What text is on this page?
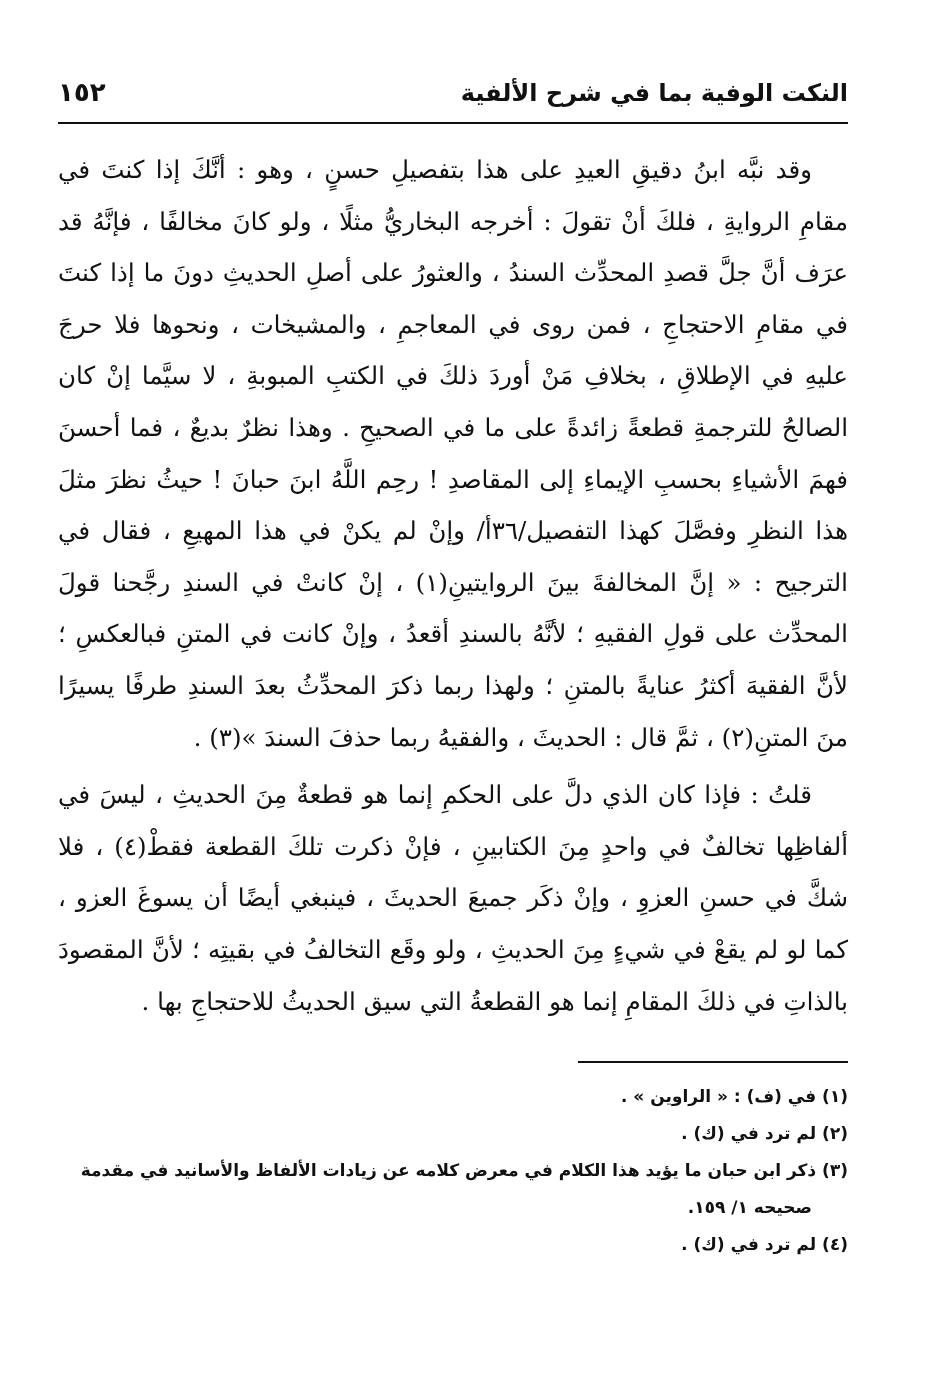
النكت الوفية بما في شرح الألفية
١٥٢

وقد نبَّه ابنُ دقيقِ العيدِ على هذا بتفصيلِ حسنٍ ، وهو : أنَّكَ إذا كنتَ في مقامِ الروايةِ ، فلكَ أنْ تقولَ : أخرجه البخاريُّ مثلًا ، ولو كانَ مخالفًا ، فإنَّهُ قد عرَف أنَّ جلَّ قصدِ المحدِّث السندُ ، والعثورُ على أصلِ الحديثِ دونَ ما إذا كنتَ في مقامِ الاحتجاجِ ، فمن روى في المعاجمِ ، والمشيخات ، ونحوها فلا حرجَ عليهِ في الإطلاقِ ، بخلافِ مَنْ أوردَ ذلكَ في الكتبِ المبوبةِ ، لا سيَّما إنْ كان الصالحُ للترجمةِ قطعةً زائدةً على ما في الصحيحِ . وهذا نظرٌ بديعٌ ، فما أحسنَ فهمَ الأشياءِ بحسبِ الإيماءِ إلى المقاصدِ ! رحِم اللَّهُ ابنَ حبانَ ! حيثُ نظرَ مثلَ هذا النظرِ وفصَّلَ كهذا التفصيل/٣٦أ/ وإنْ لم يكنْ في هذا المهيعِ ، فقال في الترجيح : « إنَّ المخالفةَ بينَ الروايتينِ(١) ، إنْ كانتْ في السندِ رجَّحنا قولَ المحدِّث على قولِ الفقيهِ ؛ لأنَّهُ بالسندِ أقعدُ ، وإنْ كانت في المتنِ فبالعكسِ ؛ لأنَّ الفقيهَ أكثرُ عنايةً بالمتنِ ؛ ولهذا ربما ذكرَ المحدِّثُ بعدَ السندِ طرفًا يسيرًا منَ المتنِ(٢) ، ثمَّ قال : الحديثَ ، والفقيهُ ربما حذفَ السندَ »(٣) .

قلتُ : فإذا كان الذي دلَّ على الحكمِ إنما هو قطعةٌ مِنَ الحديثِ ، ليسَ في ألفاظِها تخالفٌ في واحدٍ مِنَ الكتابينِ ، فإنْ ذكرت تلكَ القطعة فقطْ(٤) ، فلا شكَّ في حسنِ العزوِ ، وإنْ ذكَر جميعَ الحديثَ ، فينبغي أيضًا أن يسوغَ العزو ، كما لو لم يقعْ في شيءٍ مِنَ الحديثِ ، ولو وقَع التخالفُ في بقيتِه ؛ لأنَّ المقصودَ بالذاتِ في ذلكَ المقامِ إنما هو القطعةُ التي سيق الحديثُ للاحتجاجِ بها .

(١) في (ف) : « الراوين » .

(٢) لم ترد في (ك) .

(٣) ذكر ابن حبان ما يؤيد هذا الكلام في معرض كلامه عن زيادات الألفاظ والأسانيد في مقدمة
صحيحه ١/ ١٥٩.

(٤) لم ترد في (ك) .
